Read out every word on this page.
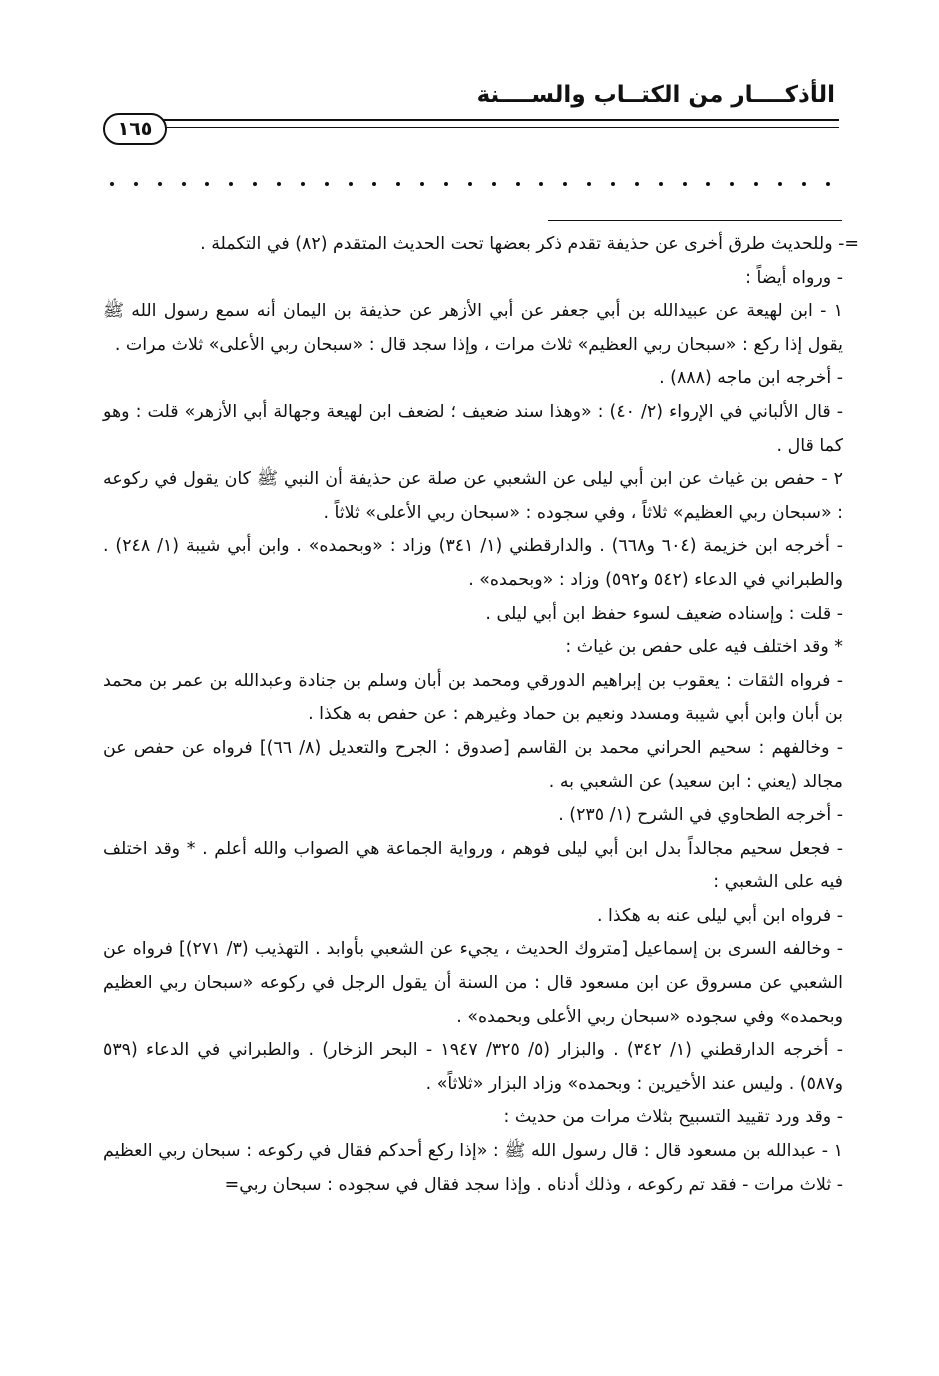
الأذكــــار من الكتــاب والســــنة
١٦٥

=- وللحديث طرق أخرى عن حذيفة تقدم ذكر بعضها تحت الحديث المتقدم (٨٢) في التكملة .

- ورواه أيضاً :

١ - ابن لهيعة عن عبيدالله بن أبي جعفر عن أبي الأزهر عن حذيفة بن اليمان أنه سمع رسول الله ﷺ يقول إذا ركع : «سبحان ربي العظيم» ثلاث مرات ، وإذا سجد قال : «سبحان ربي الأعلى» ثلاث مرات .

- أخرجه ابن ماجه (٨٨٨) .

- قال الألباني في الإرواء (٢/ ٤٠) : «وهذا سند ضعيف ؛ لضعف ابن لهيعة وجهالة أبي الأزهر» قلت : وهو كما قال .

٢ - حفص بن غياث عن ابن أبي ليلى عن الشعبي عن صلة عن حذيفة أن النبي ﷺ كان يقول في ركوعه : «سبحان ربي العظيم» ثلاثاً ، وفي سجوده : «سبحان ربي الأعلى» ثلاثاً .

- أخرجه ابن خزيمة (٦٠٤ و٦٦٨) . والدارقطني (١/ ٣٤١) وزاد : «وبحمده» . وابن أبي شيبة (١/ ٢٤٨) . والطبراني في الدعاء (٥٤٢ و٥٩٢) وزاد : «وبحمده» .

- قلت : وإسناده ضعيف لسوء حفظ ابن أبي ليلى .

* وقد اختلف فيه على حفص بن غياث :

- فرواه الثقات : يعقوب بن إبراهيم الدورقي ومحمد بن أبان وسلم بن جنادة وعبدالله بن عمر بن محمد بن أبان وابن أبي شيبة ومسدد ونعيم بن حماد وغيرهم : عن حفص به هكذا .

- وخالفهم : سحيم الحراني محمد بن القاسم [صدوق : الجرح والتعديل (٨/ ٦٦)] فرواه عن حفص عن مجالد (يعني : ابن سعيد) عن الشعبي به .

- أخرجه الطحاوي في الشرح (١/ ٢٣٥) .

- فجعل سحيم مجالداً بدل ابن أبي ليلى فوهم ، ورواية الجماعة هي الصواب والله أعلم . * وقد اختلف فيه على الشعبي :

- فرواه ابن أبي ليلى عنه به هكذا .

- وخالفه السرى بن إسماعيل [متروك الحديث ، يجيء عن الشعبي بأوابد . التهذيب (٣/ ٢٧١)] فرواه عن الشعبي عن مسروق عن ابن مسعود قال : من السنة أن يقول الرجل في ركوعه «سبحان ربي العظيم وبحمده» وفي سجوده «سبحان ربي الأعلى وبحمده» .

- أخرجه الدارقطني (١/ ٣٤٢) . والبزار (٥/ ٣٢٥/ ١٩٤٧ - البحر الزخار) . والطبراني في الدعاء (٥٣٩ و٥٨٧) . وليس عند الأخيرين : وبحمده» وزاد البزار «ثلاثاً» .

- وقد ورد تقييد التسبيح بثلاث مرات من حديث :

١ - عبدالله بن مسعود قال : قال رسول الله ﷺ : «إذا ركع أحدكم فقال في ركوعه : سبحان ربي العظيم - ثلاث مرات - فقد تم ركوعه ، وذلك أدناه . وإذا سجد فقال في سجوده : سبحان ربي=
